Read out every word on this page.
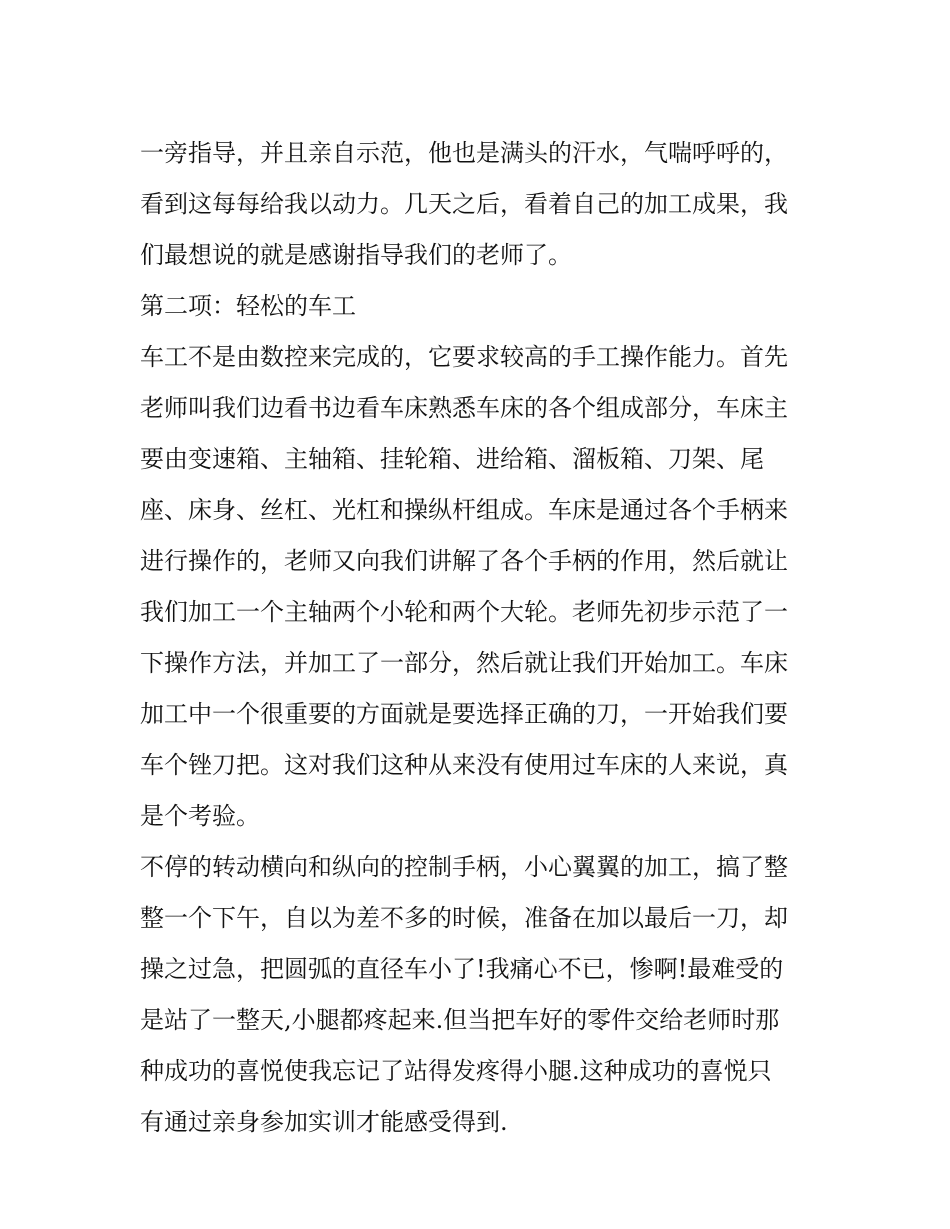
一旁指导，并且亲自示范，他也是满头的汗水，气喘呼呼的，
看到这每每给我以动力。几天之后，看着自己的加工成果，我
们最想说的就是感谢指导我们的老师了。
第二项：轻松的车工
车工不是由数控来完成的，它要求较高的手工操作能力。首先
老师叫我们边看书边看车床熟悉车床的各个组成部分，车床主
要由变速箱、主轴箱、挂轮箱、进给箱、溜板箱、刀架、尾
座、床身、丝杠、光杠和操纵杆组成。车床是通过各个手柄来
进行操作的，老师又向我们讲解了各个手柄的作用，然后就让
我们加工一个主轴两个小轮和两个大轮。老师先初步示范了一
下操作方法，并加工了一部分，然后就让我们开始加工。车床
加工中一个很重要的方面就是要选择正确的刀，一开始我们要
车个锉刀把。这对我们这种从来没有使用过车床的人来说，真
是个考验。
不停的转动横向和纵向的控制手柄，小心翼翼的加工，搞了整
整一个下午，自以为差不多的时候，准备在加以最后一刀，却
操之过急，把圆弧的直径车小了!我痛心不已，惨啊!最难受的
是站了一整天,小腿都疼起来.但当把车好的零件交给老师时那
种成功的喜悦使我忘记了站得发疼得小腿.这种成功的喜悦只
有通过亲身参加实训才能感受得到.
